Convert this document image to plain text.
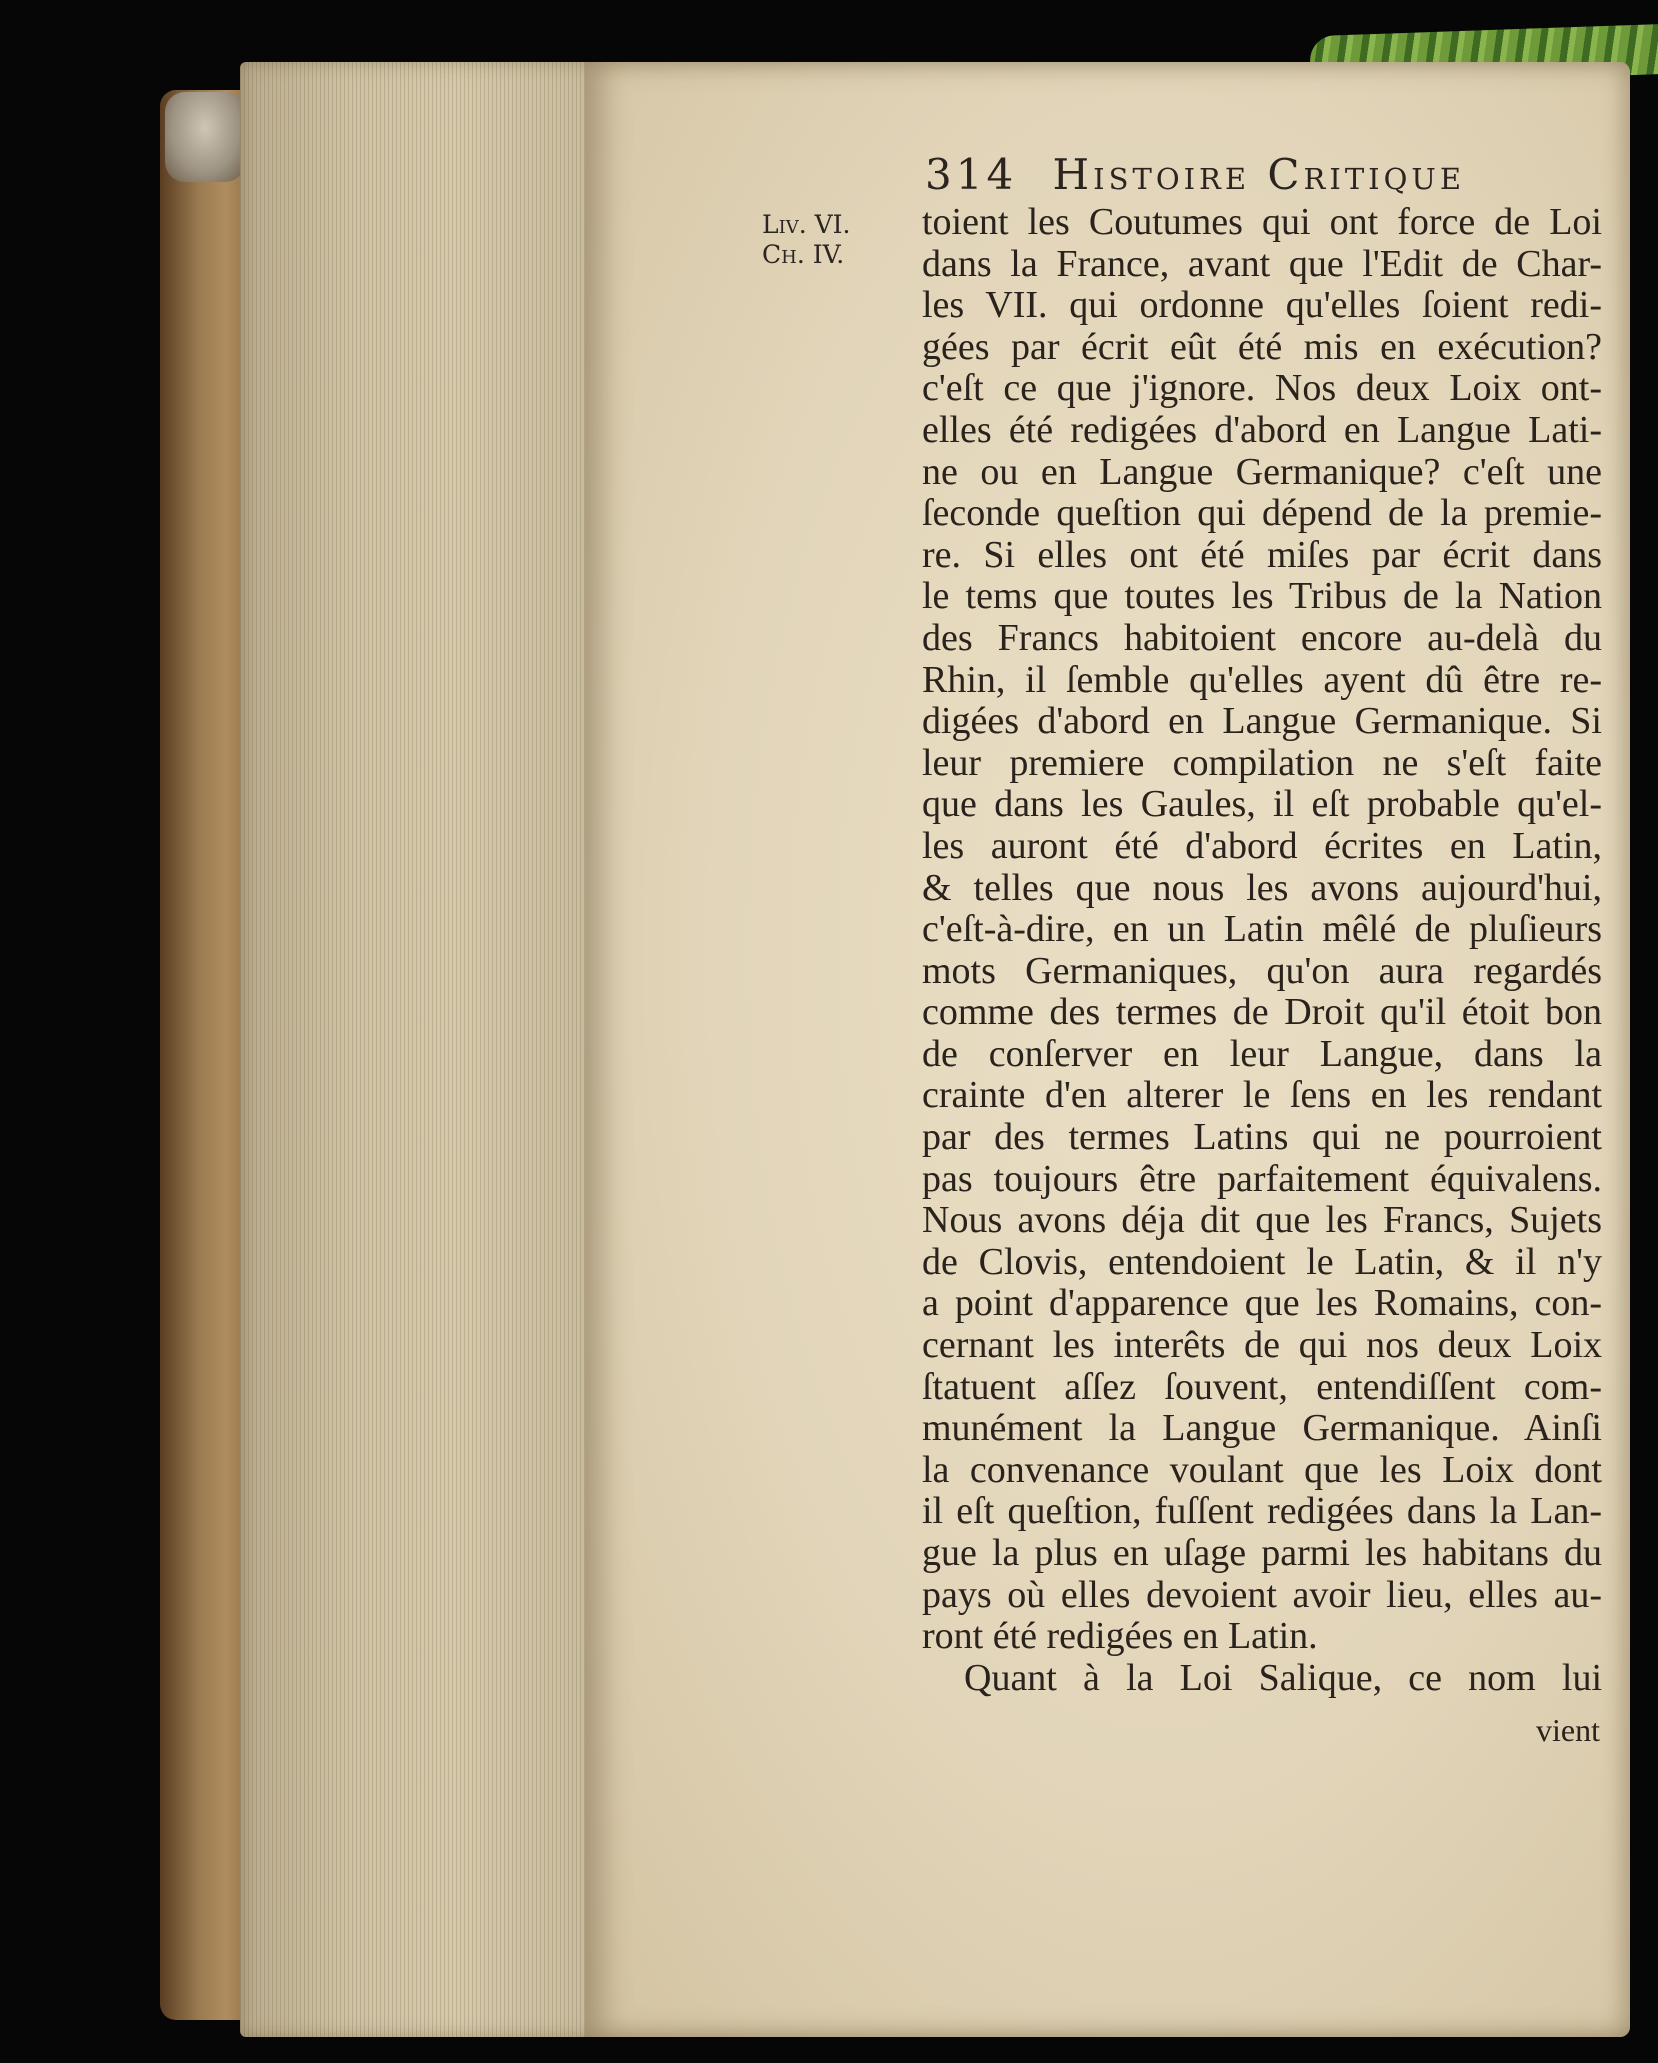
314 Histoire Critique
Liv. VI.
Ch. IV.
toient les Coutumes qui ont force de Loi
dans la France, avant que l'Edit de Char-
les VII. qui ordonne qu'elles ſoient redi-
gées par écrit eût été mis en exécution?
c'eſt ce que j'ignore. Nos deux Loix ont-
elles été redigées d'abord en Langue Lati-
ne ou en Langue Germanique? c'eſt une
ſeconde queſtion qui dépend de la premie-
re. Si elles ont été miſes par écrit dans
le tems que toutes les Tribus de la Nation
des Francs habitoient encore au-delà du
Rhin, il ſemble qu'elles ayent dû être re-
digées d'abord en Langue Germanique. Si
leur premiere compilation ne s'eſt faite
que dans les Gaules, il eſt probable qu'el-
les auront été d'abord écrites en Latin,
& telles que nous les avons aujourd'hui,
c'eſt-à-dire, en un Latin mêlé de pluſieurs
mots Germaniques, qu'on aura regardés
comme des termes de Droit qu'il étoit bon
de conſerver en leur Langue, dans la
crainte d'en alterer le ſens en les rendant
par des termes Latins qui ne pourroient
pas toujours être parfaitement équivalens.
Nous avons déja dit que les Francs, Sujets
de Clovis, entendoient le Latin, & il n'y
a point d'apparence que les Romains, con-
cernant les interêts de qui nos deux Loix
ſtatuent aſſez ſouvent, entendiſſent com-
munément la Langue Germanique. Ainſi
la convenance voulant que les Loix dont
il eſt queſtion, fuſſent redigées dans la Lan-
gue la plus en uſage parmi les habitans du
pays où elles devoient avoir lieu, elles au-
ront été redigées en Latin.
Quant à la Loi Salique, ce nom lui
vient
